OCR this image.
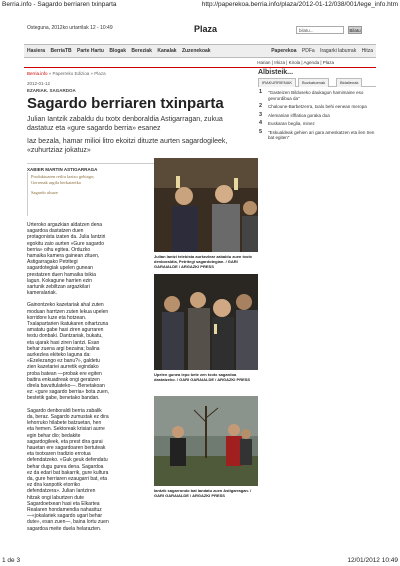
Berria.info - Sagardo berriaren txinparta	http://paperekoa.berria.info/plaza/2012-01-12/038/001/lege_info.htm
Osteguna, 2012ko urtarrilak 12 - 10:49	Plaza	bilatu...	Bilatu
Hasiera BerriaTB Parte Hartu Blogak Bereziak Kanalak Zuzenekoak	Paperekoa PDFa Iragarki laburrak Hitza
Harian | Irkiza | Kirola | Agenda | Plaza
Berria.info » Paperreko Edizioa » Plaza
2012-01-12
EZARIAK. SAGARDOA
Sagardo berriaren txinparta
Julian Iantzik zabaldu du txotx denboraldia Astigarragan, zukua dastatuz eta «gure sagardo berria» esanez
Iaz bezala, hamar milioi litro ekoitzi dituzte aurten sagardogileek, «zuhurtziaz jokatuz»
XABIER MARTIN ASTIGARRAGA
Produktuaren reiltu lazizo gehiago; Gerrenak argila berkatzetko
Sagardo alsaze

Urteroko argazkian aldatzen dena sagardoa dastatzen duen protagonista izaten da. Julia Iantziri egokitu zaio aurten «Gure sagardo berria» oihu egitea. Orduzko hamaika kamera gainean zituen, Astigarragako Petritegi sagardotegiak upelen gunean prestatzen duen hamaika txikia lagun. Kokagune harrien ezin sartunik zebiltzan argazkilari kameralariak.

Gainontzeko kazetariak ahal zuten moduan harrtzen zuten lekua upelen korridore luze eta hotzean. Txalapartarien ikatukaren oihartzuna amatatu gabe hasi ziren agurraren testu donbaki. Dantzariak, bukatu, eta ujarak hasi ziren Iantzi. Esan behar zuena argi bezaina; balina aurkezlea ekiteko laguna da: «Ezelezango ez banu?», galdetu zien kazetariei aurretik egindako proba batean —probak ere egiten baitira enkuadreak ongi geratzen direla bavuttulatekо—. Benetakoan ez: «gure sagardo berria» bota zuen, bestetik gabe, benetako bandan.

Sagardo denboraldi berria zabalik da, beraz. Sagardo zumustak ez dira lehorruko hilabete batzuetan, hen eta hemen. Sektoreak krisiari aurre egin behar dio; bedakite sagardogileek, eta prest dira garai hauetan ere sagardoaren bertuteak eta txotxaren tradizio errotua defendatzeko. «Guk geuk defendatu behar dugu gurea dena. Sagardoa ez da edari bat bakarrik, gure kultura da, gure herriaren ezaugarri bat, eta ez dira kanpotik etorriko defendatzera». Julian Iantziren hitzak ongi laburtzen dute Sagardoetxean hasi eta Elkartea Realaren hondamendia nahasituz —«jokalariek sagardo ugari behar dute», esan zuen—, baina lortu zuen sagardoa meite duela helarazten.

Julian Iantzi telebista aurkezlear zabaldu zuen txotx denboraldia, Petritegi sagardotegian. / GARI GARAIALDE / ARGAZKI PRESS
Upelen gunea lepo bete zen txotx sagardoa dastatzeko. / GARI GARAIALDE / ARGAZKI PRESS
Iantzik sagarrondo bat landatu zuen Astigarragan. / GARI GARAIALDE / ARGAZKI PRESS
Albisteik...
IRAKURRIENAK	Bozkatuenak	Bidalienak
1 "Gasteizen Bilduseko daukagun hamimaine eso gevrordibua da"
2 Chaloune-Barbetzerra, txalo behi eenean meropa
3 Alemanian irlflatioa goraka doa
4 Euskaran beglia, minez
5 "Eskualdeak gehien ari gara ameskatzen eta ilen tren bat egiten"
1 de 3	12/01/2012 10:49
